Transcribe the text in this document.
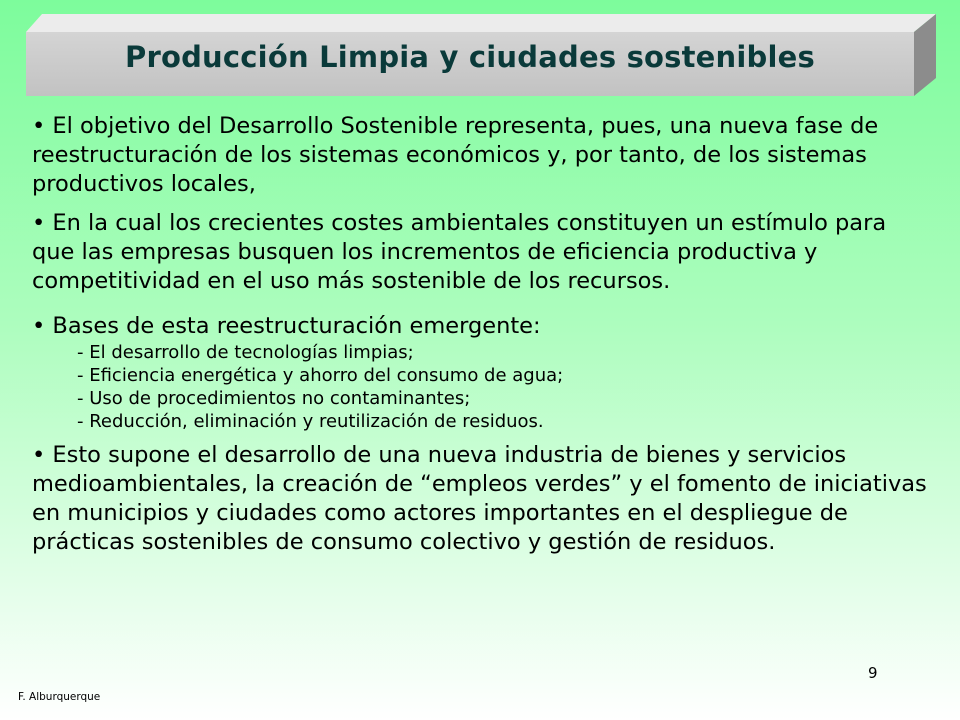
Producción Limpia y ciudades sostenibles

• El objetivo del Desarrollo Sostenible representa, pues, una nueva fase de reestructuración de los sistemas económicos y, por tanto, de los sistemas productivos locales,

• En la cual los crecientes costes ambientales constituyen un estímulo para que las empresas busquen los incrementos de eficiencia productiva y competitividad en el uso más sostenible de los recursos.

• Bases de esta reestructuración emergente:

- El desarrollo de tecnologías limpias;
- Eficiencia energética y ahorro del consumo de agua;
- Uso de procedimientos no contaminantes;
- Reducción, eliminación y reutilización de residuos.

• Esto supone el desarrollo de una nueva industria de bienes y servicios medioambientales, la creación de “empleos verdes” y el fomento de iniciativas en municipios y ciudades como actores importantes en el despliegue de prácticas sostenibles de consumo colectivo y gestión de residuos.

9
F. Alburquerque
